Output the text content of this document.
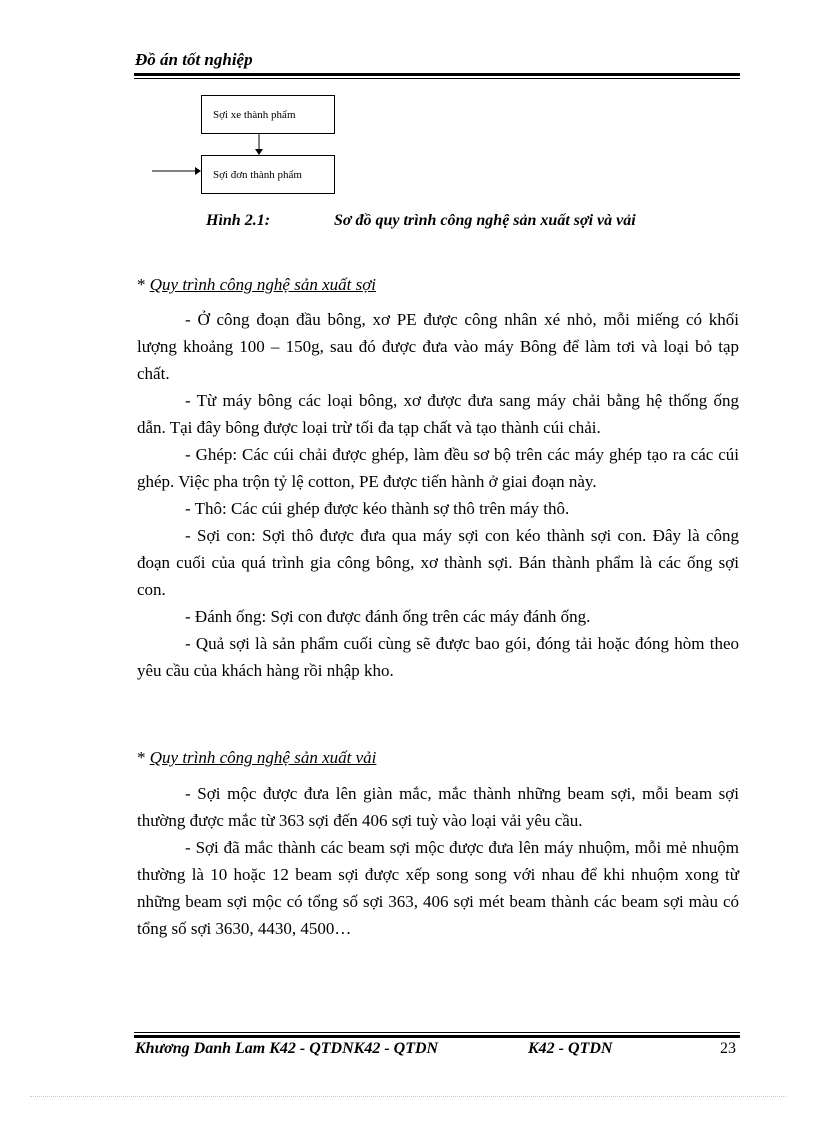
Đồ án tốt nghiệp
Sợi xe thành phẩm
Sợi đơn thành phẩm
Hình 2.1:	Sơ đồ quy trình công nghệ sản xuất sợi và vải
* Quy trình công nghệ sản xuất sợi

- Ở công đoạn đầu bông, xơ PE được công nhân xé nhỏ, mỗi miếng có khối lượng khoảng 100 – 150g, sau đó được đưa vào máy Bông để làm tơi và loại bỏ tạp chất.

- Từ máy bông các loại bông, xơ được đưa sang máy chải bằng hệ thống ống dẫn. Tại đây bông được loại trừ tối đa tạp chất và tạo thành cúi chải.

- Ghép: Các cúi chải được ghép, làm đều sơ bộ trên các máy ghép tạo ra các cúi ghép. Việc pha trộn tỷ lệ cotton, PE được tiến hành ở giai đoạn này.

- Thô: Các cúi ghép được kéo thành sợ thô trên máy thô.

- Sợi con: Sợi thô được đưa qua máy sợi con kéo thành sợi con. Đây là công đoạn cuối của quá trình gia công bông, xơ thành sợi. Bán thành phẩm là các ống sợi con.

- Đánh ống: Sợi con được đánh ống trên các máy đánh ống.

- Quả sợi là sản phẩm cuối cùng sẽ được bao gói, đóng tải hoặc đóng hòm theo yêu cầu của khách hàng rồi nhập kho.

* Quy trình công nghệ sản xuất vải

- Sợi mộc được đưa lên giàn mắc, mắc thành những beam sợi, mỗi beam sợi thường được mắc từ 363 sợi đến 406 sợi tuỳ vào loại vải yêu cầu.

- Sợi đã mắc thành các beam sợi mộc được đưa lên máy nhuộm, mỗi mẻ nhuộm thường là 10 hoặc 12 beam sợi được xếp song song với nhau để khi nhuộm xong từ những beam sợi mộc có tổng số sợi 363, 406 sợi mét beam thành các beam sợi màu có tổng số sợi 3630, 4430, 4500…

Khương Danh Lam K42 - QTDNK42 - QTDN	K42 - QTDN	23
